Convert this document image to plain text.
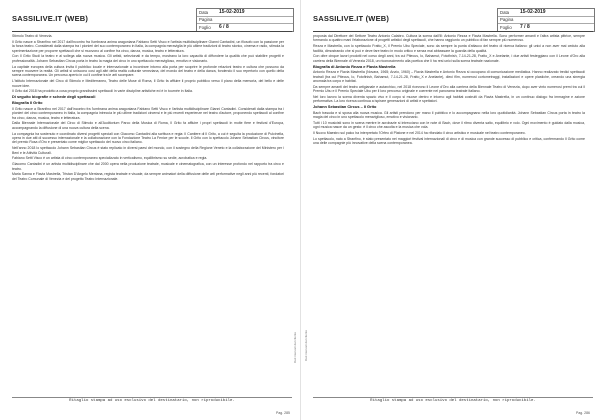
SASSILIVE.IT (WEB)
Data	15-02-2019
Pagina
Foglio	6 / 8

Stimolo Teatro di Venezia.

Il Grito nasce a Stranfino nel 2017 dall'incontro fra l'umbrana anima aragoniana Fabiano Setti Visco e l'artista multidisciplinare Gianni Cantadini, un filosofo con la passione per la forza teatro. Considerati dalla stampa tra i pionieri del suo contemporaneo in Italia, la compagnia meraviglia le più ultime tradizioni di teatro storico, cinema e radio, stimola la sperimentazione per proporre spettacoli che si muovono al confine fra circo, danza, musica, teatro e letteratura.

Con Il Grito Studi la teatro e ai sollega alla nuova musica. Gli artisti, selezionati e da tempo, mostrano la loro capacità di diffondere la qualità che può stabilire progetti e professionalità. Johann Sebastian Circus porta in teatro la magia del circo in uno spettacolo meraviglioso, emotivo e visionario.

La capitale europea della cultura invita il pubblico locale e internazionale a incontrare intorno alla porta per scoprire le profonde relazioni teatro e cultura che possono da sempre muovere la realtà. Gli artisti si uniscono così agli altri della realtà culturale veneziana, del mondo del teatro e della danza, fondendo il suo repertorio con quello della scena contemporanea. Un percorso aperto in cui il confine tra le arti scompare.

L'Istituto Internazionale del Circo di Stimolo e Mediterraneo, Teatro delle Muse di Roma, Il Grito fa affluire il proprio pubblico verso il piano della memoria, del bello e delle nuove idee.

Il Grito dal 2018 ha prodotto a cosa proprio grandissimi spettacoli in varie discipline artistiche ed è in tournée in Italia.

Di seguito biografie e schede degli spettacoli
Biografia Il Grito

Il Grito nasce a Stranfino nel 2017 dall'incontro fra l'umbrana anima aragoniana Fabiano Setti Visco e l'artista multidisciplinare Gianni Cantadini. Considerati dalla stampa tra i pionieri del circo contemporaneo in Italia, la compagnia intreccia le più ultime tradizioni circensi e le più recenti esperienze nel teatro d'autore, proponendo spettacoli al confine fra circo, danza, musica, teatro e letteratura.

Dalla Biennale Internazionale del Circo di Stimolo e all'Auditorium Parco della Musica di Roma, Il Grito fa affluire i propri spettacoli in molte fiere e festival d'Europa, accompagnando la diffusione di una nuova cultura della scena.

La compagnia ha sostenuto e coordinato diversi progetti speciali con Giacomo Cantadini alla scrittura e regia: Il Cantiere di Il Grito, a cui è seguita la produzione di Pulcinella, opera in due atti di successo internazionale e la collaborazione con la Fondazione Teatro La Fenice per le scuole. Il Grito con lo spettacolo Johann Sebastian Circus, vincitore del premio Rosa d'Oro e presentato come miglior spettacolo del nuovo circo italiano.

Nell'anno 2018 lo spettacolo Johann Sebastian Circus è stato replicato in diversi paesi del mondo, con il sostegno della Regione Veneto e la collaborazione del Ministero per i Beni e le Attività Culturali.

Fabiano Setti Visco è un artista di circo contemporaneo specializzato in verticalismo, equilibrismo su sedie, acrobatica e regia.

Giacomo Cantadini è un artista multidisciplinare che dal 2000 opera nella produzione teatrale, musicale e cinematografica, con un interesse profondo nel rapporto tra circo e teatro.

Maria Sanna e Flavia Mastrella, Tristan D'Angelo Mentana, regista teatrale e visuale, da sempre animatori della diffusione delle arti performative negli anni più recenti, fondatori del Teatro Comunale di Venezia e del progetto Teatro Internazionale.

Dati riservati dal cliente
Ritaglio stampa ad uso esclusivo del destinatario, non riproducibile.
Pag. 285
SASSILIVE.IT (WEB)
Data	15-02-2019
Pagina
Foglio	7 / 8

proposta dal Direttore del Settore Teatro Antonio Calabro. Cultura la scena dall'Ill: Antonio Rezza e Flavia Mastrella. Sono performer amanti e l'altra artista pittrice, sempre formando a quattro mani l'elaborazione di progetti artistici degli spettacoli, che hanno raggiunto un pubblico di fan sempre più numeroso.

Rezza e Mastrella, con lo spettacolo Fratto_X, il Premio Ubu Speciale, sono da sempre la punta d'attacco del teatro di ricerca italiano: gli unici a non aver mai ceduto alla facilità, dimostrando che si può e deve fare teatro in modo critico e senza mai abbassare la guardia della qualità.

Con oltre cinque lavori prodotti nel corso degli anni, tra cui Pitecus, Io, Bahamut, Fotofinish, 7-14-21-28, Fratto_X e Anelante, i due artisti festeggiano con il Leone d'Oro alla carriera della Biennale di Venezia 2018, un riconoscimento alla poetica che li ha resi unici sulla scena teatrale nazionale.

Biografia di Antonio Rezza e Flavia Mastrella

Antonio Rezza e Flavia Mastrella (Novara, 1965; Anzio, 1960) – Flavia Mastrella e Antonio Rezza si occupano di comunicazione mediatica. Hanno realizzato tredici spettacoli teatrali (tra cui Pitecus, Io, Fotofinish, Bahamut, 7-14-21-28, Fratto_X e Anelante), dieci film, numerosi cortometraggi, installazioni e opere plastiche, creando una sinergia anomala tra corpo e habitat.

Da sempre amanti del teatro artigianale e autarchico, nel 2018 ricevono il Leone d'Oro alla carriera della Biennale Teatro di Venezia, dopo aver vinto numerosi premi tra cui il Premio Ubu e il Premio Speciale Ubu per il loro percorso originale e coerente nel panorama teatrale italiano.

Nel loro lavoro la scena diventa spazio vivo e il corpo si muove dentro e intorno agli habitat costruiti da Flavia Mastrella, in un continuo dialogo fra immagine e azione performativa. La loro ricerca continua a ispirare generazioni di artisti e spettatori.

Johann Sebastian Circus – Il Grito

Bach trasuda e si sposa alla nuova musica. Gli artisti prendono per mano il pubblico e lo accompagnano nella loro quotidianità. Johann Sebastian Circus porta in teatro la magia del circo in uno spettacolo meraviglioso, emotivo e visionario.

Tutti i 10 musicisti sono in scena mentre le acrobazie si intrecciano con le note di Bach, dove il ritmo diventa salto, equilibrio e volo. Ogni movimento è guidato dalla musica, ogni musica nasce da un gesto: è il circo che ascolta e la musica che vola.

Il Nuovo Maestro sul palco ha interpretato l'Orfeo di Platone e nel 2014 ha rifondato il circo artistico e musicale nel teatro contemporaneo.

Lo spettacolo, nato a Stranfino, è stato presentato nei maggiori festival internazionali di circo e di musica con grande successo di pubblico e critica, confermando Il Grito come una delle compagnie più innovative della scena contemporanea.

Dati riservati dal cliente
Ritaglio stampa ad uso esclusivo del destinatario, non riproducibile.
Pag. 286
